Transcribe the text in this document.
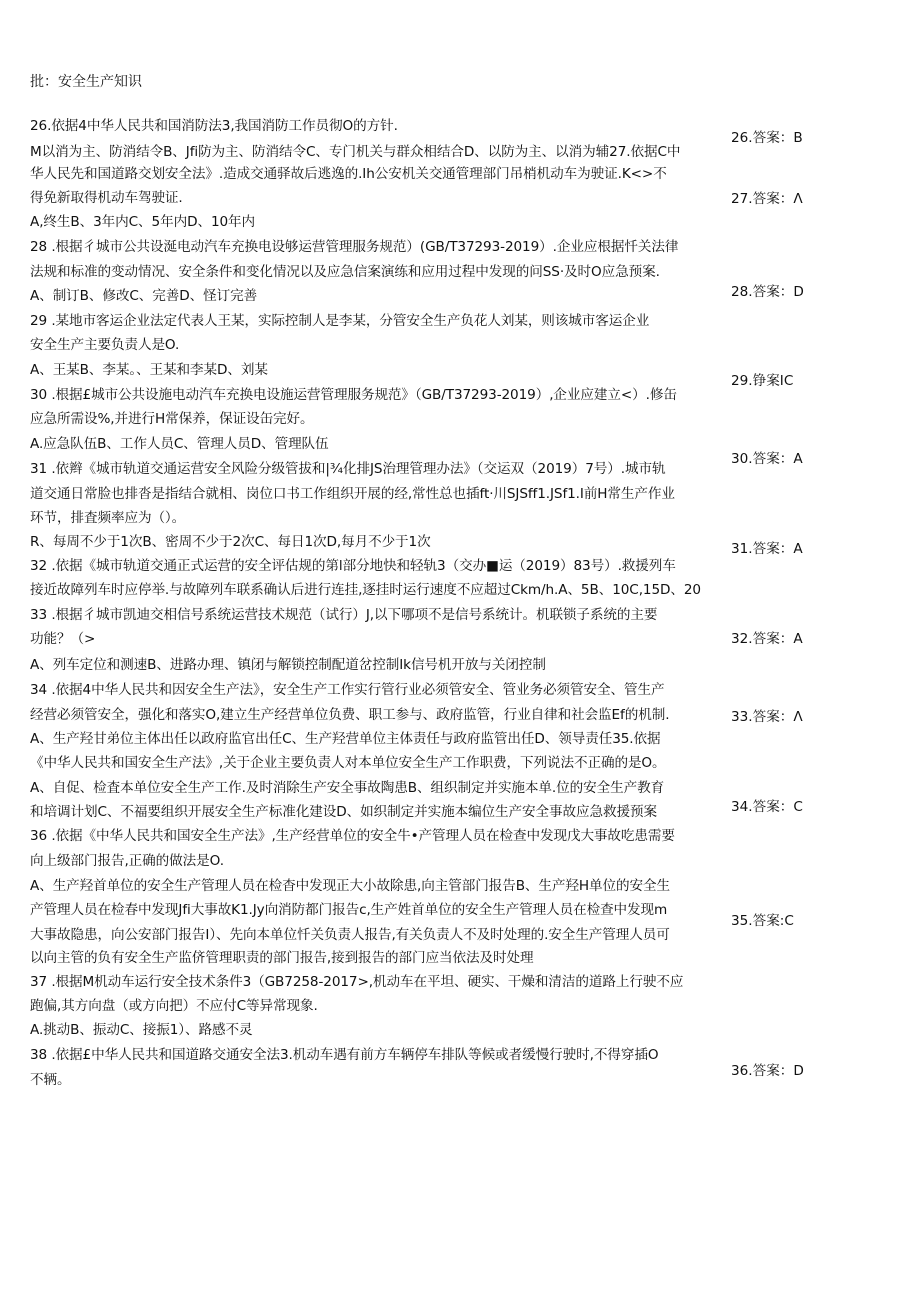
批：安全生产知识
26.依据4中华人民共和国消防法3,我国消防工作员彻O的方针.
M以消为主、防消结令B、Jfi防为主、防消结令C、专门机关与群众相结合D、以防为主、以消为辅27.依据C中
华人民先和国道路交划安全法》.造成交通驿故后逃逸的.Ih公安机关交通管理部门吊梢机动车为驶证.K<>不
得免新取得机动车驾驶证.
A,终生B、3年内C、5年内D、10年内
28 .根据彳城市公共设涎电动汽车充换电设够运营管理服务规范）(GB/T37293-2019）.企业应根据忏关法律
法规和标准的变动情况、安全条件和变化情况以及应急信案演练和应用过程中发现的问SS·及时O应急预案.
A、制订B、修改C、完善D、怪订完善
29 .某地市客运企业法定代表人王某，实际控制人是李某，分管安全生产负花人刘某，则该城市客运企业
安全生产主要负责人是O.
A、王某B、李某。、王某和李某D、刘某
30 .根据£城市公共设施电动汽车充换电设施运营管理服务规范》（GB/T37293-2019）,企业应建立<）.修缶
应急所需设%,并进行H常保养，保证设缶完好。
A.应急队伍B、工作人员C、管理人员D、管理队伍
31 .依辫《城市轨道交通运营安全风险分级管拔和|¾化排JS治理管理办法》（交运双（2019）7号）.城市轨
道交通日常脸也排沓是指结合就相、岗位口书工作组织开展的经,常性总也插ft·川SJSff1.JSf1.I前H常生产作业
环节，排査频率应为（）。
R、每周不少于1次B、密周不少于2次C、每日1次D,每月不少于1次
32 .依据《城市轨道交通正式运营的安全评估规的第l部分地快和轻轨3（交办■运（2019）83号）.救援列车
接近故障列车时应停举.与故障列车联系确认后进行连挂,逐挂时运行速度不应超过Ckm/h.A、5B、10C,15D、20
33 .根据彳城市凯迪交相信号系统运营技术规范（试行）J,以下哪项不是信号系统计。机联锁子系统的主要
功能？（>
A、列车定位和测速B、进路办理、镇闭与解锁控制配道岔控制Ik信号机开放与关闭控制
34 .依据4中华人民共和因安全生产法》，安全生产工作实行管行业必须管安全、管业务必须管安全、管生产
经营必须管安全，强化和落实O,建立生产经营单位负费、职工参与、政府监管，行业自律和社会监Ef的机制.
A、生产羟甘弟位主体出任以政府监官出任C、生产羟营单位主体责任与政府监管出任D、领导责任35.依据
《中华人民共和国安全生产法》,关于企业主要负责人对本单位安全生产工作职费，下列说法不正确的是O。
A、自促、检査本单位安全生产工作.及时消除生产安全事故陶患B、组织制定并实施本单.位的安全生产教育
和培调计划C、不福要组织开展安全生产标准化建设D、如织制定并实施本编位生产安全事故应急救援预案
36 .依据《中华人民共和国安全生产法》,生产经营单位的安全牛•产管理人员在检查中发现戊大事故吃患需要
向上级部门报告,正确的做法是O.
A、生产羟首单位的安全生产管理人员在检杳中发现正大小故除患,向主管部门报告B、生产羟H单位的安全生
产管理人员在检春中发现Jfi大事故K1.Jy向消防都门报告c,生产姓首单位的安全生产管理人员在检查中发现m
大事故隐患，向公安部门报告I）、先向本单位忏关负责人报告,有关负责人不及时处理的.安全生产管理人员可
以向主管的负有安全生产监侪管理职责的部门报告,接到报告的部门应当依法及时处理
37 .根据M机动车运行安全技术条件3（GB7258-2017>,机动车在平坦、硬实、干燥和清洁的道路上行驶不应
跑偏,其方向盘（或方向把）不应付C等异常现象.
A.挑动B、振动C、接振1）、路感不灵
38 .依据£中华人民共和国道路交通安全法3.机动车遇有前方车辆停车排队等候或者缓慢行驶时,不得穿插O
不辆。
26.答案：B
27.答案：Λ
28.答案：D
29.铮案IC
30.答案：A
31.答案：A
32.答案：A
33.答案：Λ
34.答案：C
35.答案:C
36.答案：D
